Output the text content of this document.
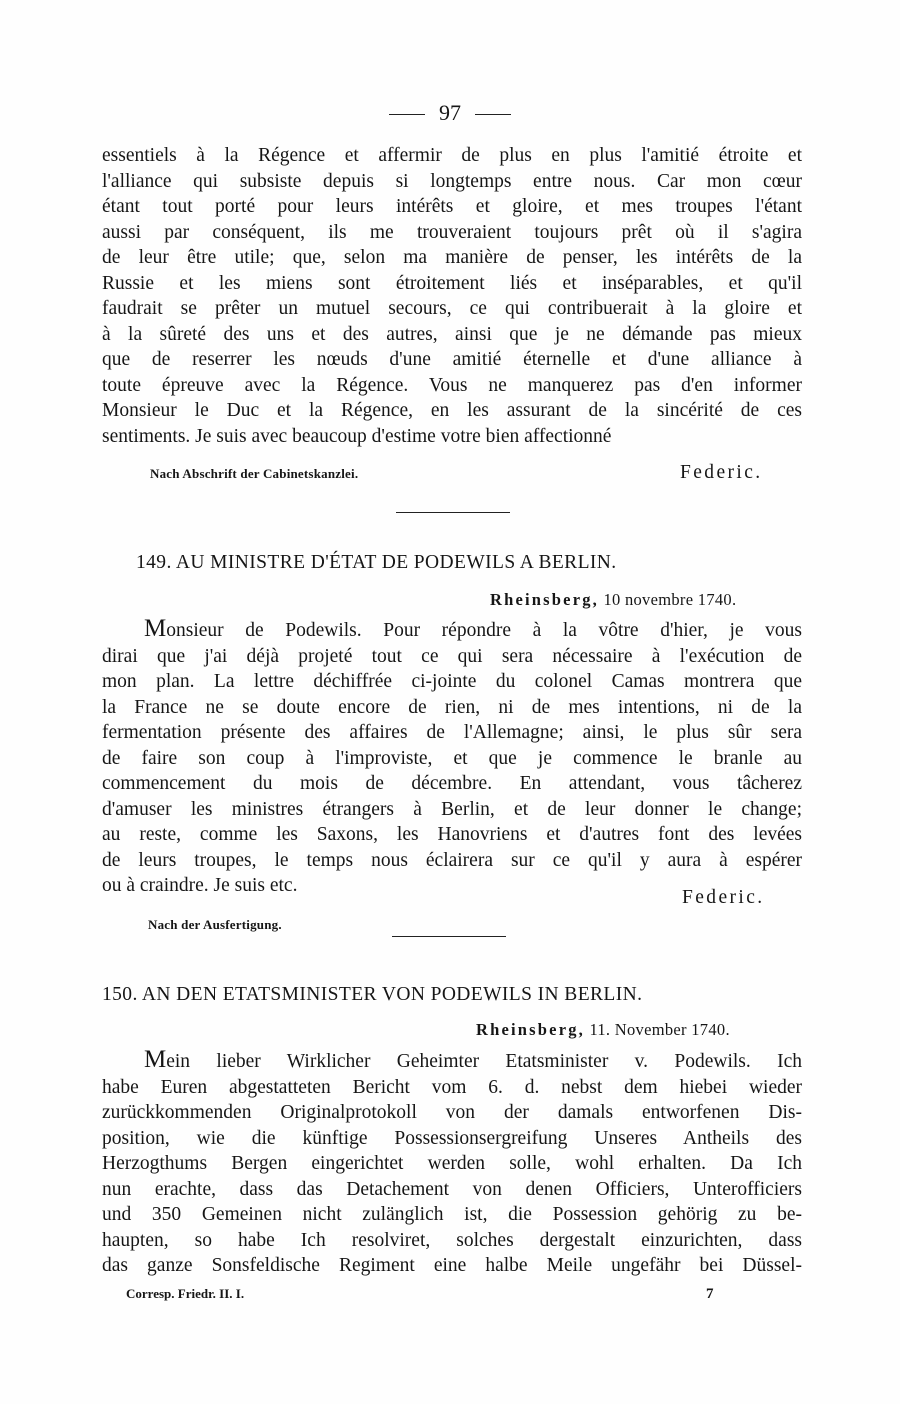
97
essentiels à la Régence et affermir de plus en plus l'amitié étroite et
l'alliance qui subsiste depuis si longtemps entre nous. Car mon cœur
étant tout porté pour leurs intérêts et gloire, et mes troupes l'étant
aussi par conséquent, ils me trouveraient toujours prêt où il s'agira
de leur être utile; que, selon ma manière de penser, les intérêts de la
Russie et les miens sont étroitement liés et inséparables, et qu'il
faudrait se prêter un mutuel secours, ce qui contribuerait à la gloire et
à la sûreté des uns et des autres, ainsi que je ne démande pas mieux
que de reserrer les nœuds d'une amitié éternelle et d'une alliance à
toute épreuve avec la Régence. Vous ne manquerez pas d'en informer
Monsieur le Duc et la Régence, en les assurant de la sincérité de ces
sentiments. Je suis avec beaucoup d'estime votre bien affectionné
Nach Abschrift der Cabinetskanzlei.	Federic.
149. AU MINISTRE D'ÉTAT DE PODEWILS A BERLIN.
Rheinsberg, 10 novembre 1740.
Monsieur de Podewils. Pour répondre à la vôtre d'hier, je vous
dirai que j'ai déjà projeté tout ce qui sera nécessaire à l'exécution de
mon plan. La lettre déchiffrée ci-jointe du colonel Camas montrera que
la France ne se doute encore de rien, ni de mes intentions, ni de la
fermentation présente des affaires de l'Allemagne; ainsi, le plus sûr sera
de faire son coup à l'improviste, et que je commence le branle au
commencement du mois de décembre. En attendant, vous tâcherez
d'amuser les ministres étrangers à Berlin, et de leur donner le change;
au reste, comme les Saxons, les Hanovriens et d'autres font des levées
de leurs troupes, le temps nous éclairera sur ce qu'il y aura à espérer
ou à craindre. Je suis etc.
Federic.
Nach der Ausfertigung.
150. AN DEN ETATSMINISTER VON PODEWILS IN BERLIN.
Rheinsberg, 11. November 1740.
Mein lieber Wirklicher Geheimter Etatsminister v. Podewils. Ich
habe Euren abgestatteten Bericht vom 6. d. nebst dem hiebei wieder
zurückkommenden Originalprotokoll von der damals entworfenen Dis-
position, wie die künftige Possessionsergreifung Unseres Antheils des
Herzogthums Bergen eingerichtet werden solle, wohl erhalten. Da Ich
nun erachte, dass das Detachement von denen Officiers, Unterofficiers
und 350 Gemeinen nicht zulänglich ist, die Possession gehörig zu be-
haupten, so habe Ich resolviret, solches dergestalt einzurichten, dass
das ganze Sonsfeldische Regiment eine halbe Meile ungefähr bei Düssel-
Corresp. Friedr. II. I.	7
